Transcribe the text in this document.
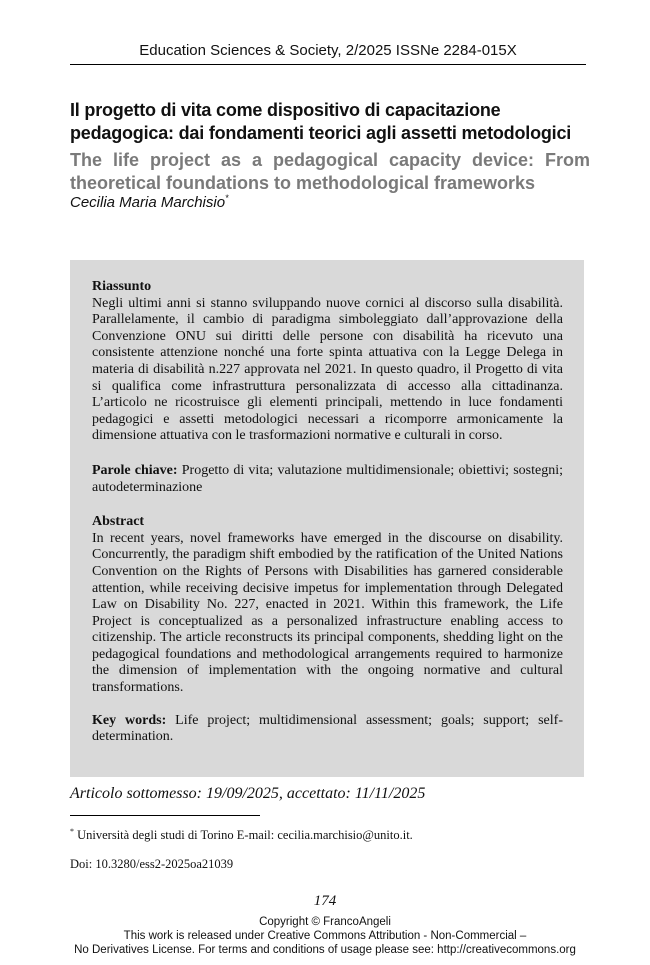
Education Sciences & Society, 2/2025 ISSNe 2284-015X
Il progetto di vita come dispositivo di capacitazione pedagogica: dai fondamenti teorici agli assetti metodologici
The life project as a pedagogical capacity device: From theoretical foundations to methodological frameworks
Cecilia Maria Marchisio*

Riassunto

Negli ultimi anni si stanno sviluppando nuove cornici al discorso sulla disabilità. Parallelamente, il cambio di paradigma simboleggiato dall’approvazione della Convenzione ONU sui diritti delle persone con disabilità ha ricevuto una consistente attenzione nonché una forte spinta attuativa con la Legge Delega in materia di disabilità n.227 approvata nel 2021. In questo quadro, il Progetto di vita si qualifica come infrastruttura personalizzata di accesso alla cittadinanza. L’articolo ne ricostruisce gli elementi principali, mettendo in luce fondamenti pedagogici e assetti metodologici necessari a ricomporre armonicamente la dimensione attuativa con le trasformazioni normative e culturali in corso.

Parole chiave: Progetto di vita; valutazione multidimensionale; obiettivi; sostegni; autodeterminazione

Abstract

In recent years, novel frameworks have emerged in the discourse on disability. Concurrently, the paradigm shift embodied by the ratification of the United Nations Convention on the Rights of Persons with Disabilities has garnered considerable attention, while receiving decisive impetus for implementation through Delegated Law on Disability No. 227, enacted in 2021. Within this framework, the Life Project is conceptualized as a personalized infrastructure enabling access to citizenship. The article reconstructs its principal components, shedding light on the pedagogical foundations and methodological arrangements required to harmonize the dimension of implementation with the ongoing normative and cultural transformations.

Key words: Life project; multidimensional assessment; goals; support; self-determination.

Articolo sottomesso: 19/09/2025, accettato: 11/11/2025
* Università degli studi di Torino E-mail: cecilia.marchisio@unito.it.
Doi: 10.3280/ess2-2025oa21039
174
Copyright © FrancoAngeli
This work is released under Creative Commons Attribution - Non-Commercial –
No Derivatives License. For terms and conditions of usage please see: http://creativecommons.org
